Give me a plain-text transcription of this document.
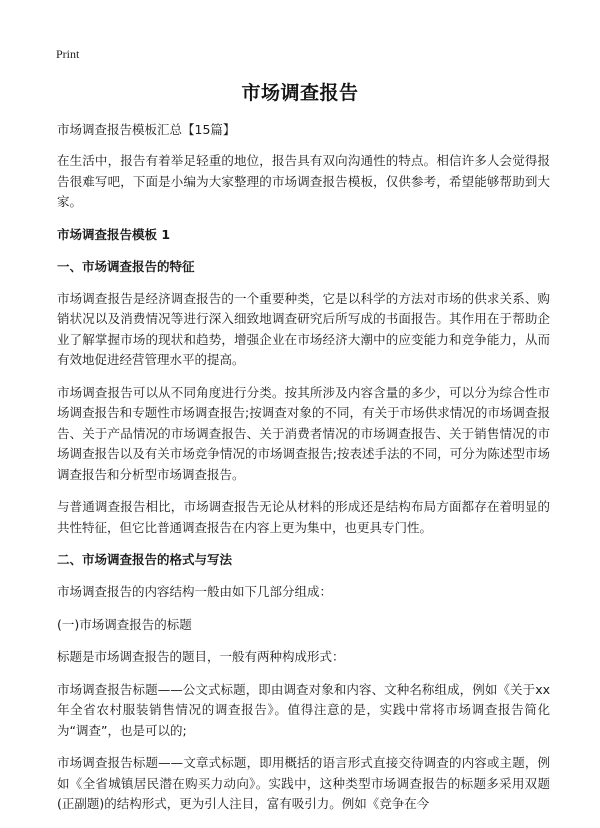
Print
市场调查报告

市场调查报告模板汇总【15篇】

在生活中，报告有着举足轻重的地位，报告具有双向沟通性的特点。相信许多人会觉得报告很难写吧，下面是小编为大家整理的市场调查报告模板，仅供参考，希望能够帮助到大家。

市场调查报告模板 1

一、市场调查报告的特征

市场调查报告是经济调查报告的一个重要种类，它是以科学的方法对市场的供求关系、购销状况以及消费情况等进行深入细致地调查研究后所写成的书面报告。其作用在于帮助企业了解掌握市场的现状和趋势，增强企业在市场经济大潮中的应变能力和竞争能力，从而有效地促进经营管理水平的提高。

市场调查报告可以从不同角度进行分类。按其所涉及内容含量的多少，可以分为综合性市场调查报告和专题性市场调查报告;按调查对象的不同，有关于市场供求情况的市场调查报告、关于产品情况的市场调查报告、关于消费者情况的市场调查报告、关于销售情况的市场调查报告以及有关市场竞争情况的市场调查报告;按表述手法的不同，可分为陈述型市场调查报告和分析型市场调查报告。

与普通调查报告相比，市场调查报告无论从材料的形成还是结构布局方面都存在着明显的共性特征，但它比普通调查报告在内容上更为集中，也更具专门性。

二、市场调查报告的格式与写法

市场调查报告的内容结构一般由如下几部分组成：

(一)市场调查报告的标题

标题是市场调查报告的题目，一般有两种构成形式：

市场调查报告标题——公文式标题，即由调查对象和内容、文种名称组成，例如《关于xx年全省农村服装销售情况的调查报告》。值得注意的是，实践中常将市场调查报告简化为“调查”，也是可以的;

市场调查报告标题——文章式标题，即用概括的语言形式直接交待调查的内容或主题，例如《全省城镇居民潜在购买力动向》。实践中，这种类型市场调查报告的标题多采用双题(正副题)的结构形式，更为引人注目，富有吸引力。例如《竞争在今
